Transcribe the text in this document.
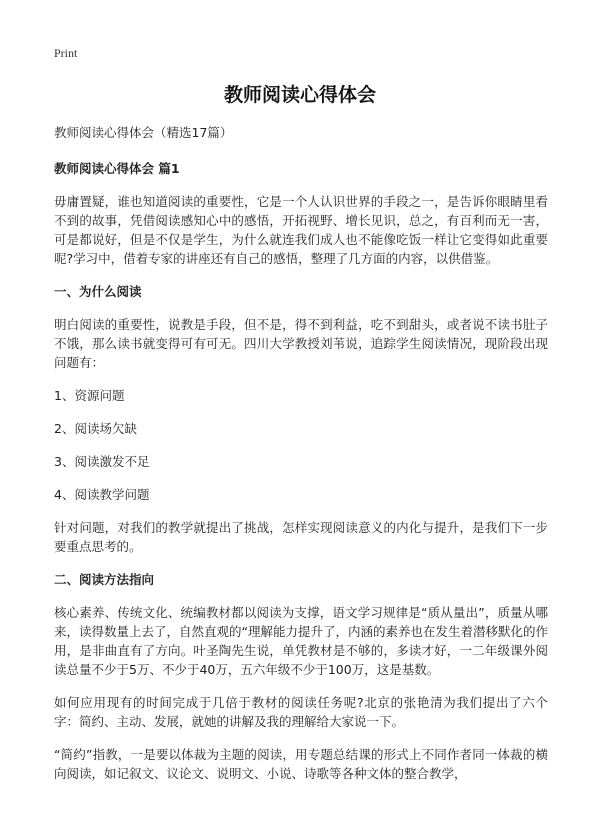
Print
教师阅读心得体会
教师阅读心得体会（精选17篇）
教师阅读心得体会 篇1
毋庸置疑，谁也知道阅读的重要性，它是一个人认识世界的手段之一，是告诉你眼睛里看不到的故事，凭借阅读感知心中的感悟，开拓视野、增长见识，总之，有百利而无一害，可是都说好，但是不仅是学生，为什么就连我们成人也不能像吃饭一样让它变得如此重要呢?学习中，借着专家的讲座还有自己的感悟，整理了几方面的内容，以供借鉴。
一、为什么阅读
明白阅读的重要性，说教是手段，但不是，得不到利益，吃不到甜头，或者说不读书肚子不饿，那么读书就变得可有可无。四川大学教授刘苇说，追踪学生阅读情况，现阶段出现问题有：
1、资源问题
2、阅读场欠缺
3、阅读激发不足
4、阅读教学问题
针对问题，对我们的教学就提出了挑战，怎样实现阅读意义的内化与提升，是我们下一步要重点思考的。
二、阅读方法指向
核心素养、传统文化、统编教材都以阅读为支撑，语文学习规律是“质从量出”，质量从哪来，读得数量上去了，自然直观的“理解能力提升了，内涵的素养也在发生着潜移默化的作用，是非曲直有了方向。叶圣陶先生说，单凭教材是不够的，多读才好，一二年级课外阅读总量不少于5万、不少于40万，五六年级不少于100万，这是基数。
如何应用现有的时间完成于几倍于教材的阅读任务呢?北京的张艳清为我们提出了六个字：简约、主动、发展，就她的讲解及我的理解给大家说一下。
“简约”指教，一是要以体裁为主题的阅读，用专题总结课的形式上不同作者同一体裁的横向阅读，如记叙文、议论文、说明文、小说、诗歌等各种文体的整合教学，
